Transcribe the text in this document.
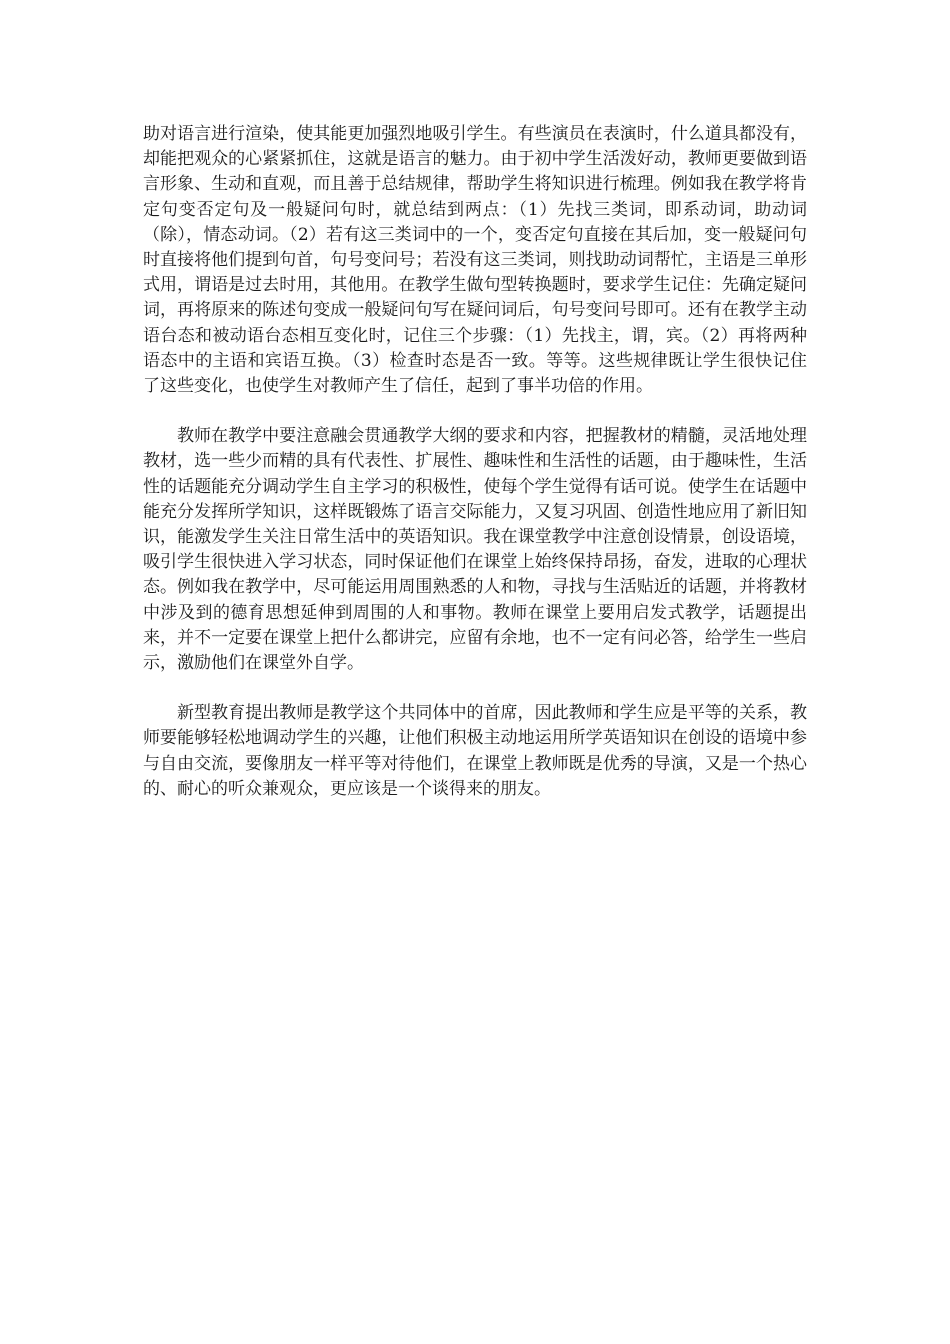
助对语言进行渲染，使其能更加强烈地吸引学生。有些演员在表演时，什么道具都没有，却能把观众的心紧紧抓住，这就是语言的魅力。由于初中学生活泼好动，教师更要做到语言形象、生动和直观，而且善于总结规律，帮助学生将知识进行梳理。例如我在教学将肯定句变否定句及一般疑问句时，就总结到两点：（1）先找三类词，即系动词，助动词（除），情态动词。（2）若有这三类词中的一个，变否定句直接在其后加，变一般疑问句时直接将他们提到句首，句号变问号；若没有这三类词，则找助动词帮忙，主语是三单形式用，谓语是过去时用，其他用。在教学生做句型转换题时，要求学生记住：先确定疑问词，再将原来的陈述句变成一般疑问句写在疑问词后，句号变问号即可。还有在教学主动语台态和被动语台态相互变化时，记住三个步骤：（1）先找主，谓，宾。（2）再将两种语态中的主语和宾语互换。（3）检查时态是否一致。等等。这些规律既让学生很快记住了这些变化，也使学生对教师产生了信任，起到了事半功倍的作用。

教师在教学中要注意融会贯通教学大纲的要求和内容，把握教材的精髓，灵活地处理教材，选一些少而精的具有代表性、扩展性、趣味性和生活性的话题，由于趣味性，生活性的话题能充分调动学生自主学习的积极性，使每个学生觉得有话可说。使学生在话题中能充分发挥所学知识，这样既锻炼了语言交际能力，又复习巩固、创造性地应用了新旧知识，能激发学生关注日常生活中的英语知识。我在课堂教学中注意创设情景，创设语境，吸引学生很快进入学习状态，同时保证他们在课堂上始终保持昂扬，奋发，进取的心理状态。例如我在教学中，尽可能运用周围熟悉的人和物，寻找与生活贴近的话题，并将教材中涉及到的德育思想延伸到周围的人和事物。教师在课堂上要用启发式教学，话题提出来，并不一定要在课堂上把什么都讲完，应留有余地，也不一定有问必答，给学生一些启示，激励他们在课堂外自学。

新型教育提出教师是教学这个共同体中的首席，因此教师和学生应是平等的关系，教师要能够轻松地调动学生的兴趣，让他们积极主动地运用所学英语知识在创设的语境中参与自由交流，要像朋友一样平等对待他们，在课堂上教师既是优秀的导演，又是一个热心的、耐心的听众兼观众，更应该是一个谈得来的朋友。
